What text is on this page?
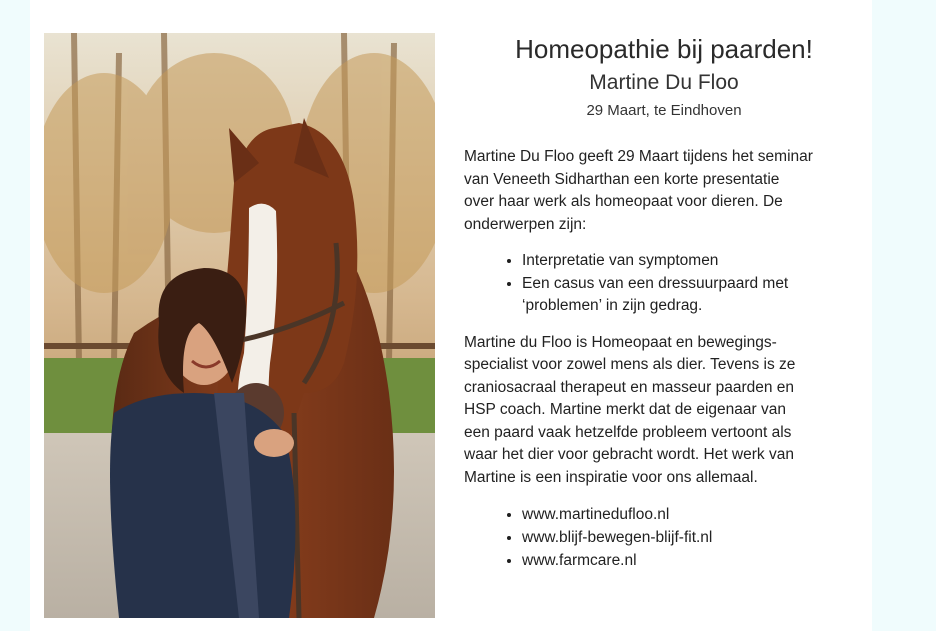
Homeopathie bij paarden!

Martine Du Floo

29 Maart, te Eindhoven

Martine Du Floo geeft 29 Maart tijdens het seminar
van Veneeth Sidharthan een korte presentatie
over haar werk als homeopaat voor dieren. De
onderwerpen zijn:

• Interpretatie van symptomen
• Een casus van een dressuurpaard met
‘problemen’ in zijn gedrag.

Martine du Floo is Homeopaat en bewegings-
specialist voor zowel mens als dier. Tevens is ze
craniosacraal therapeut en masseur paarden en
HSP coach. Martine merkt dat de eigenaar van
een paard vaak hetzelfde probleem vertoont als
waar het dier voor gebracht wordt. Het werk van
Martine is een inspiratie voor ons allemaal.

• www.martinedufloo.nl
• www.blijf-bewegen-blijf-fit.nl
• www.farmcare.nl
